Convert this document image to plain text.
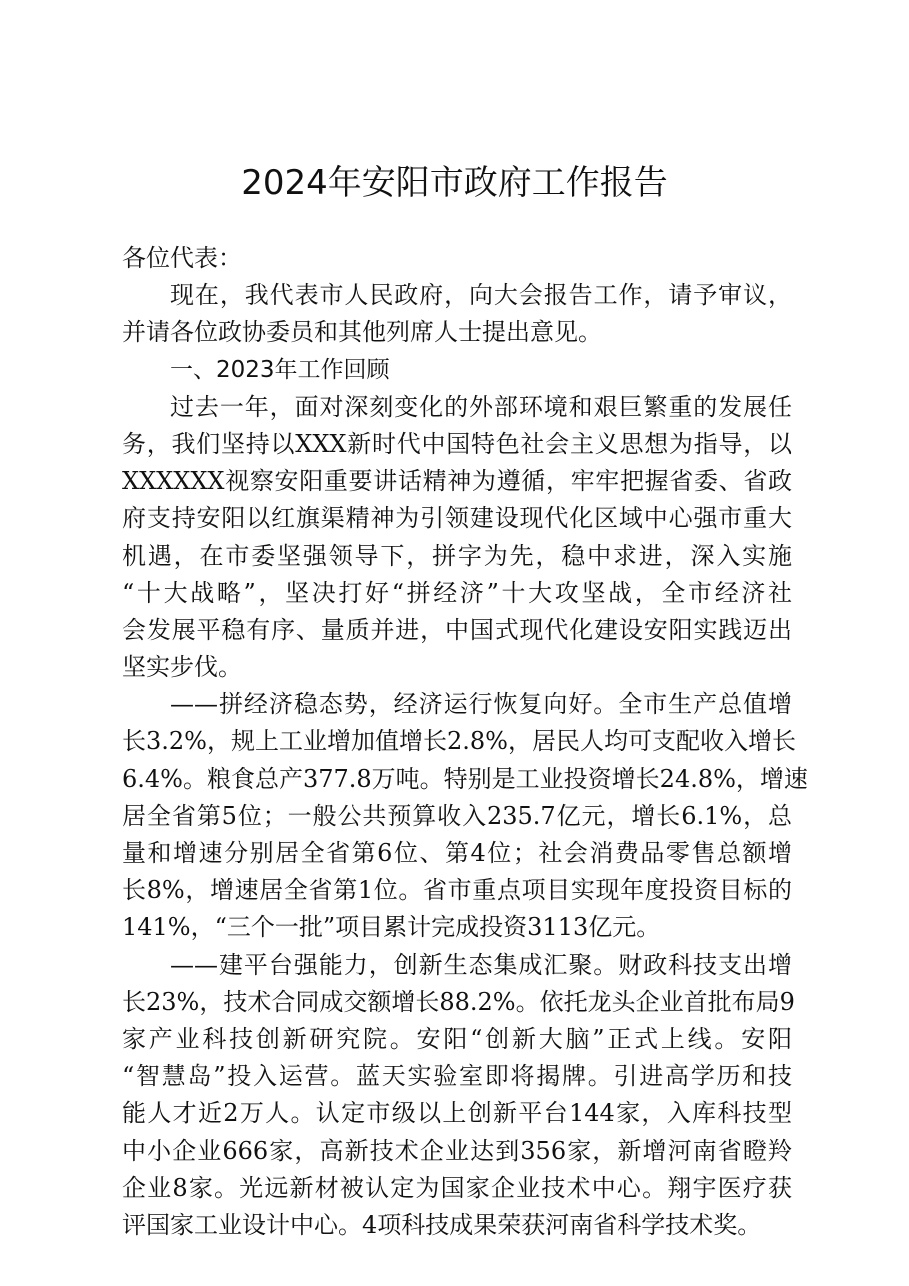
2024年安阳市政府工作报告
各位代表：
现在，我代表市人民政府，向大会报告工作，请予审议，
并请各位政协委员和其他列席人士提出意见。
一、2023年工作回顾
过去一年，面对深刻变化的外部环境和艰巨繁重的发展任
务，我们坚持以XXX新时代中国特色社会主义思想为指导，以
XXXXXX视察安阳重要讲话精神为遵循，牢牢把握省委、省政
府支持安阳以红旗渠精神为引领建设现代化区域中心强市重大
机遇，在市委坚强领导下，拼字为先，稳中求进，深入实施
“十大战略”，坚决打好“拼经济”十大攻坚战，全市经济社
会发展平稳有序、量质并进，中国式现代化建设安阳实践迈出
坚实步伐。
——拼经济稳态势，经济运行恢复向好。全市生产总值增
长3.2%，规上工业增加值增长2.8%，居民人均可支配收入增长
6.4%。粮食总产377.8万吨。特别是工业投资增长24.8%，增速
居全省第5位；一般公共预算收入235.7亿元，增长6.1%，总
量和增速分别居全省第6位、第4位；社会消费品零售总额增
长8%，增速居全省第1位。省市重点项目实现年度投资目标的
141%，“三个一批”项目累计完成投资3113亿元。
——建平台强能力，创新生态集成汇聚。财政科技支出增
长23%，技术合同成交额增长88.2%。依托龙头企业首批布局9
家产业科技创新研究院。安阳“创新大脑”正式上线。安阳
“智慧岛”投入运营。蓝天实验室即将揭牌。引进高学历和技
能人才近2万人。认定市级以上创新平台144家，入库科技型
中小企业666家，高新技术企业达到356家，新增河南省瞪羚
企业8家。光远新材被认定为国家企业技术中心。翔宇医疗获
评国家工业设计中心。4项科技成果荣获河南省科学技术奖。
